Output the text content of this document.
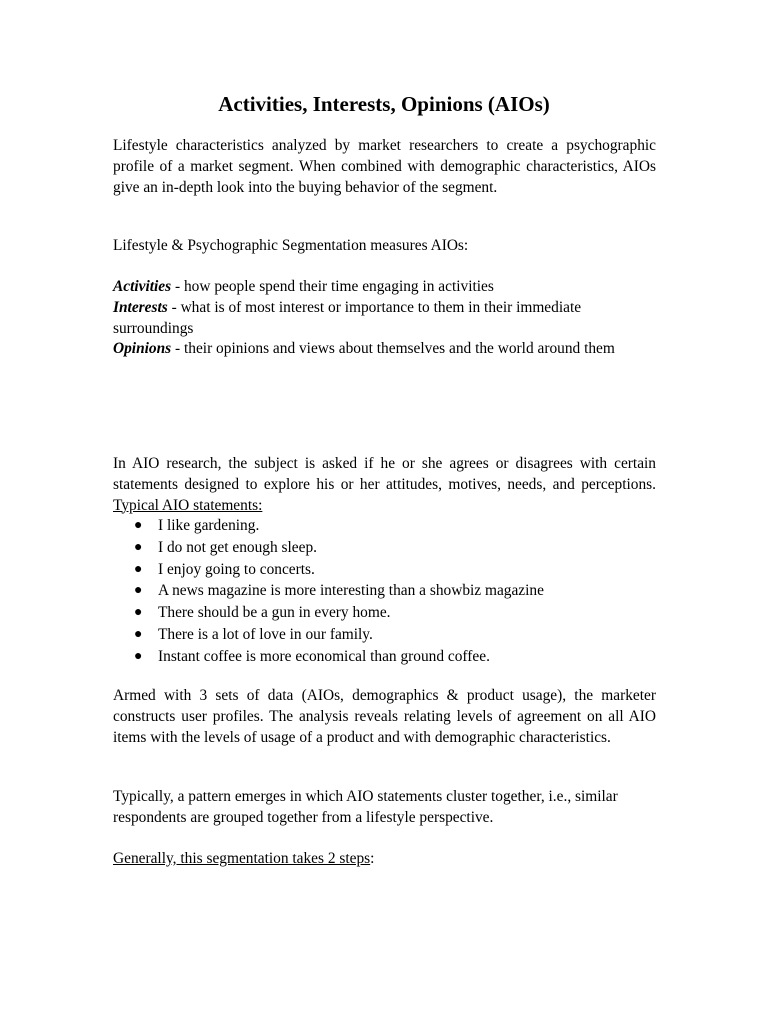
Activities, Interests, Opinions (AIOs)

Lifestyle characteristics analyzed by market researchers to create a psychographic profile of a market segment. When combined with demographic characteristics, AIOs give an in-depth look into the buying behavior of the segment.

Lifestyle & Psychographic Segmentation measures AIOs:

Activities - how people spend their time engaging in activities

Interests - what is of most interest or importance to them in their immediate surroundings

Opinions - their opinions and views about themselves and the world around them

In AIO research, the subject is asked if he or she agrees or disagrees with certain statements designed to explore his or her attitudes, motives, needs, and perceptions. Typical AIO statements:

● I like gardening.
● I do not get enough sleep.
● I enjoy going to concerts.
● A news magazine is more interesting than a showbiz magazine
● There should be a gun in every home.
● There is a lot of love in our family.
● Instant coffee is more economical than ground coffee.

Armed with 3 sets of data (AIOs, demographics & product usage), the marketer constructs user profiles. The analysis reveals relating levels of agreement on all AIO items with the levels of usage of a product and with demographic characteristics.

Typically, a pattern emerges in which AIO statements cluster together, i.e., similar respondents are grouped together from a lifestyle perspective.

Generally, this segmentation takes 2 steps:
